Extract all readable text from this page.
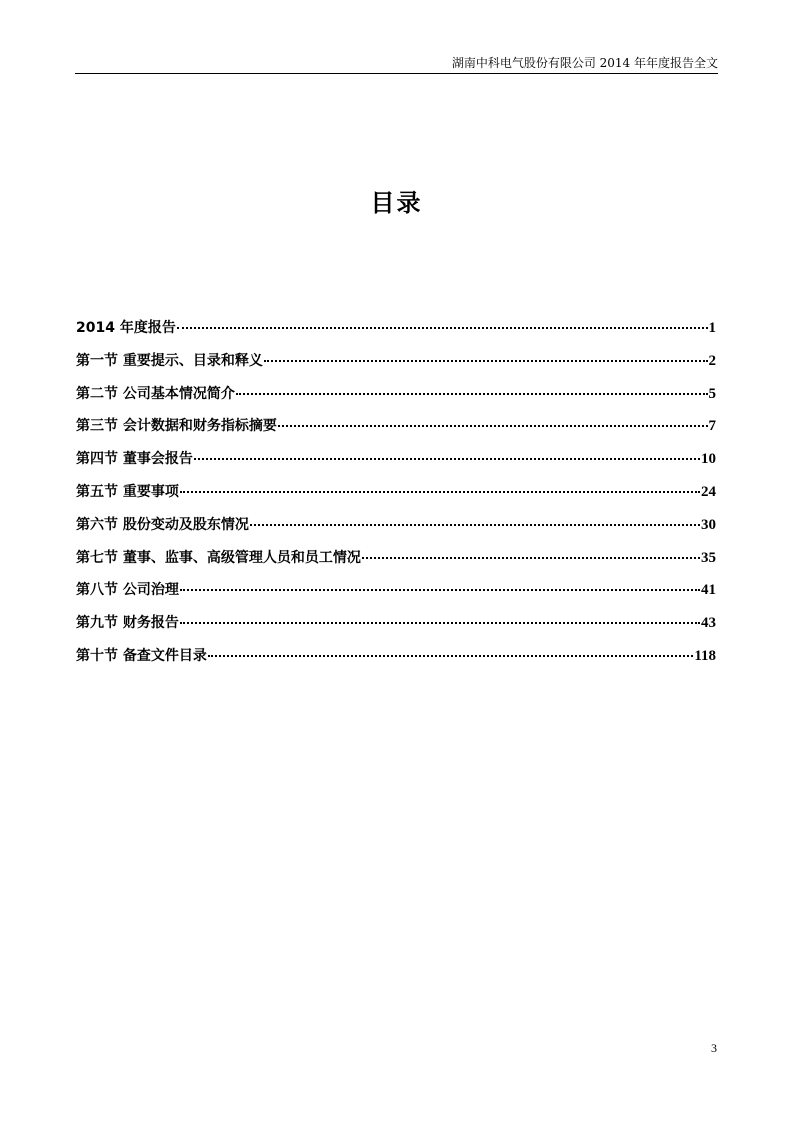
湖南中科电气股份有限公司 2014 年年度报告全文
目录
2014 年度报告	1
第一节 重要提示、目录和释义	2
第二节 公司基本情况简介	5
第三节 会计数据和财务指标摘要	7
第四节 董事会报告	10
第五节 重要事项	24
第六节 股份变动及股东情况	30
第七节 董事、监事、高级管理人员和员工情况	35
第八节 公司治理	41
第九节 财务报告	43
第十节 备查文件目录	118
3
